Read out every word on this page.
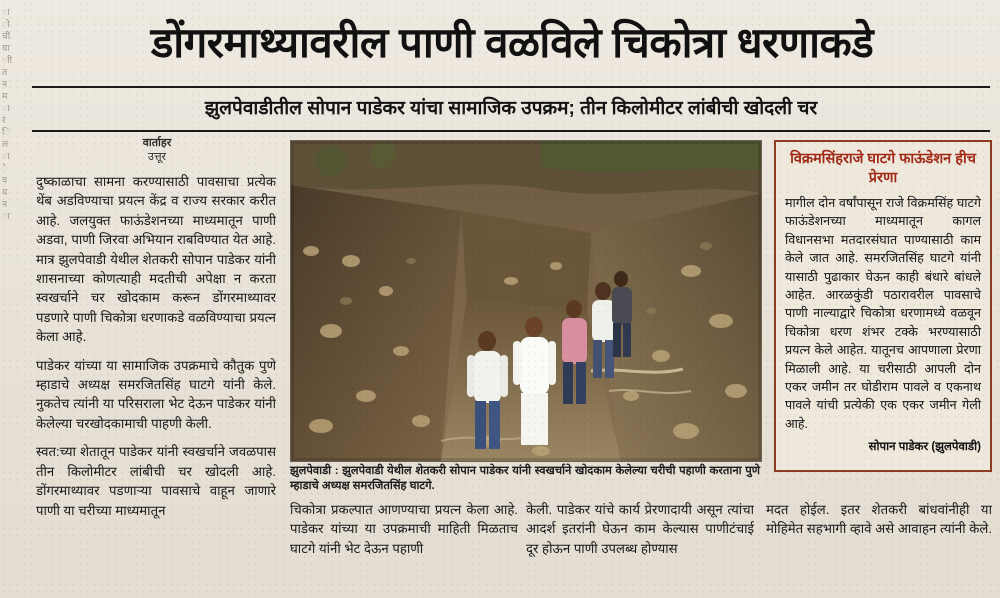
ा
ाे
ची
या
ाी
त
न
म
ा
र
ि
ल
ा
े
व
य
न
ा
डोंगरमाथ्यावरील पाणी वळविले चिकोत्रा धरणाकडे
झुलपेवाडीतील सोपान पाडेकर यांचा सामाजिक उपक्रम; तीन किलोमीटर लांबीची खोदली चर
वार्ताहर
उत्तूर

दुष्काळाचा सामना करण्यासाठी पावसाचा प्रत्येक थेंब अडविण्याचा प्रयत्न केंद्र व राज्य सरकार करीत आहे. जलयुक्त फाऊंडेशनच्या माध्यमातून पाणी अडवा, पाणी जिरवा अभियान राबविण्यात येत आहे. मात्र झुलपेवाडी येथील शेतकरी सोपान पाडेकर यांनी शासनाच्या कोणत्याही मदतीची अपेक्षा न करता स्वखर्चाने चर खोदकाम करून डोंगरमाथ्यावर पडणारे पाणी चिकोत्रा धरणाकडे वळविण्याचा प्रयत्न केला आहे.

पाडेकर यांच्या या सामाजिक उपक्रमाचे कौतुक पुणे म्हाडाचे अध्यक्ष समरजितसिंह घाटगे यांनी केले. नुकतेच त्यांनी या परिसराला भेट देऊन पाडेकर यांनी केलेल्या चरखोदकामाची पाहणी केली.

स्वत:च्या शेतातून पाडेकर यांनी स्वखर्चाने जवळपास तीन किलोमीटर लांबीची चर खोदली आहे. डोंगरमाथ्यावर पडणाऱ्या पावसाचे वाहून जाणारे पाणी या चरीच्या माध्यमातून

झुलपेवाडी : झुलपेवाडी येथील शेतकरी सोपान पाडेकर यांनी स्वखर्चाने खोदकाम केलेल्या चरीची पहाणी करताना पुणे म्हाडाचे अध्यक्ष समरजितसिंह घाटगे.
विक्रमसिंहराजे घाटगे फाऊंडेशन हीच प्रेरणा
मागील दोन वर्षांपासून राजे विक्रमसिंह घाटगे फाऊंडेशनच्या माध्यमातून कागल विधानसभा मतदारसंघात पाण्यासाठी काम केले जात आहे. समरजितसिंह घाटगे यांनी यासाठी पुढाकार घेऊन काही बंधारे बांधले आहेत. आरळकुंडी पठारावरील पावसाचे पाणी नाल्याद्वारे चिकोत्रा धरणामध्ये वळवून चिकोत्रा धरण शंभर टक्के भरण्यासाठी प्रयत्न केले आहेत. यातूनच आपणाला प्रेरणा मिळाली आहे. या चरीसाठी आपली दोन एकर जमीन तर घोडीराम पावले व एकनाथ पावले यांची प्रत्येकी एक एकर जमीन गेली आहे.
सोपान पाडेकर (झुलपेवाडी)

चिकोत्रा प्रकल्पात आणण्याचा प्रयत्न केला आहे. पाडेकर यांच्या या उपक्रमाची माहिती मिळताच घाटगे यांनी भेट देऊन पहाणी

केली. पाडेकर यांचे कार्य प्रेरणादायी असून त्यांचा आदर्श इतरांनी घेऊन काम केल्यास पाणीटंचाई दूर होऊन पाणी उपलब्ध होण्यास

मदत होईल. इतर शेतकरी बांधवांनीही या मोहिमेत सहभागी व्हावे असे आवाहन त्यांनी केले.
